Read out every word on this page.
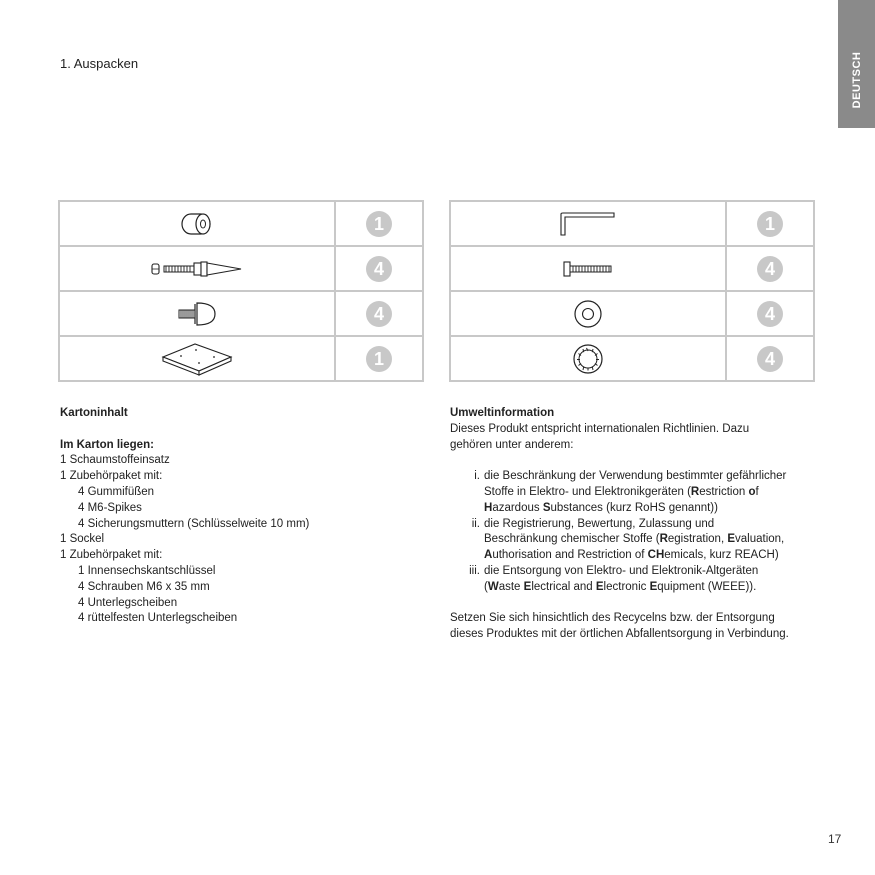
DEUTSCH
1. Auspacken
	1

	4

	4

	1
	1

	4

	4

	4
Kartoninhalt
Im Karton liegen:
1 Schaumstoffeinsatz
1 Zubehörpaket mit:
4 Gummifüßen
4 M6-Spikes
4 Sicherungsmuttern (Schlüsselweite 10 mm)
1 Sockel
1 Zubehörpaket mit:
1 Innensechskantschlüssel
4 Schrauben M6 x 35 mm
4 Unterlegscheiben
4 rüttelfesten Unterlegscheiben
Umweltinformation
Dieses Produkt entspricht internationalen Richtlinien. Dazu
gehören unter anderem:
i. die Beschränkung der Verwendung bestimmter gefährlicher
Stoffe in Elektro- und Elektronikgeräten (Restriction of
Hazardous Substances (kurz RoHS genannt))
ii. die Registrierung, Bewertung, Zulassung und
Beschränkung chemischer Stoffe (Registration, Evaluation,
Authorisation and Restriction of CHemicals, kurz REACH)
iii. die Entsorgung von Elektro- und Elektronik-Altgeräten
(Waste Electrical and Electronic Equipment (WEEE)).
Setzen Sie sich hinsichtlich des Recycelns bzw. der Entsorgung
dieses Produktes mit der örtlichen Abfallentsorgung in Verbindung.
17
